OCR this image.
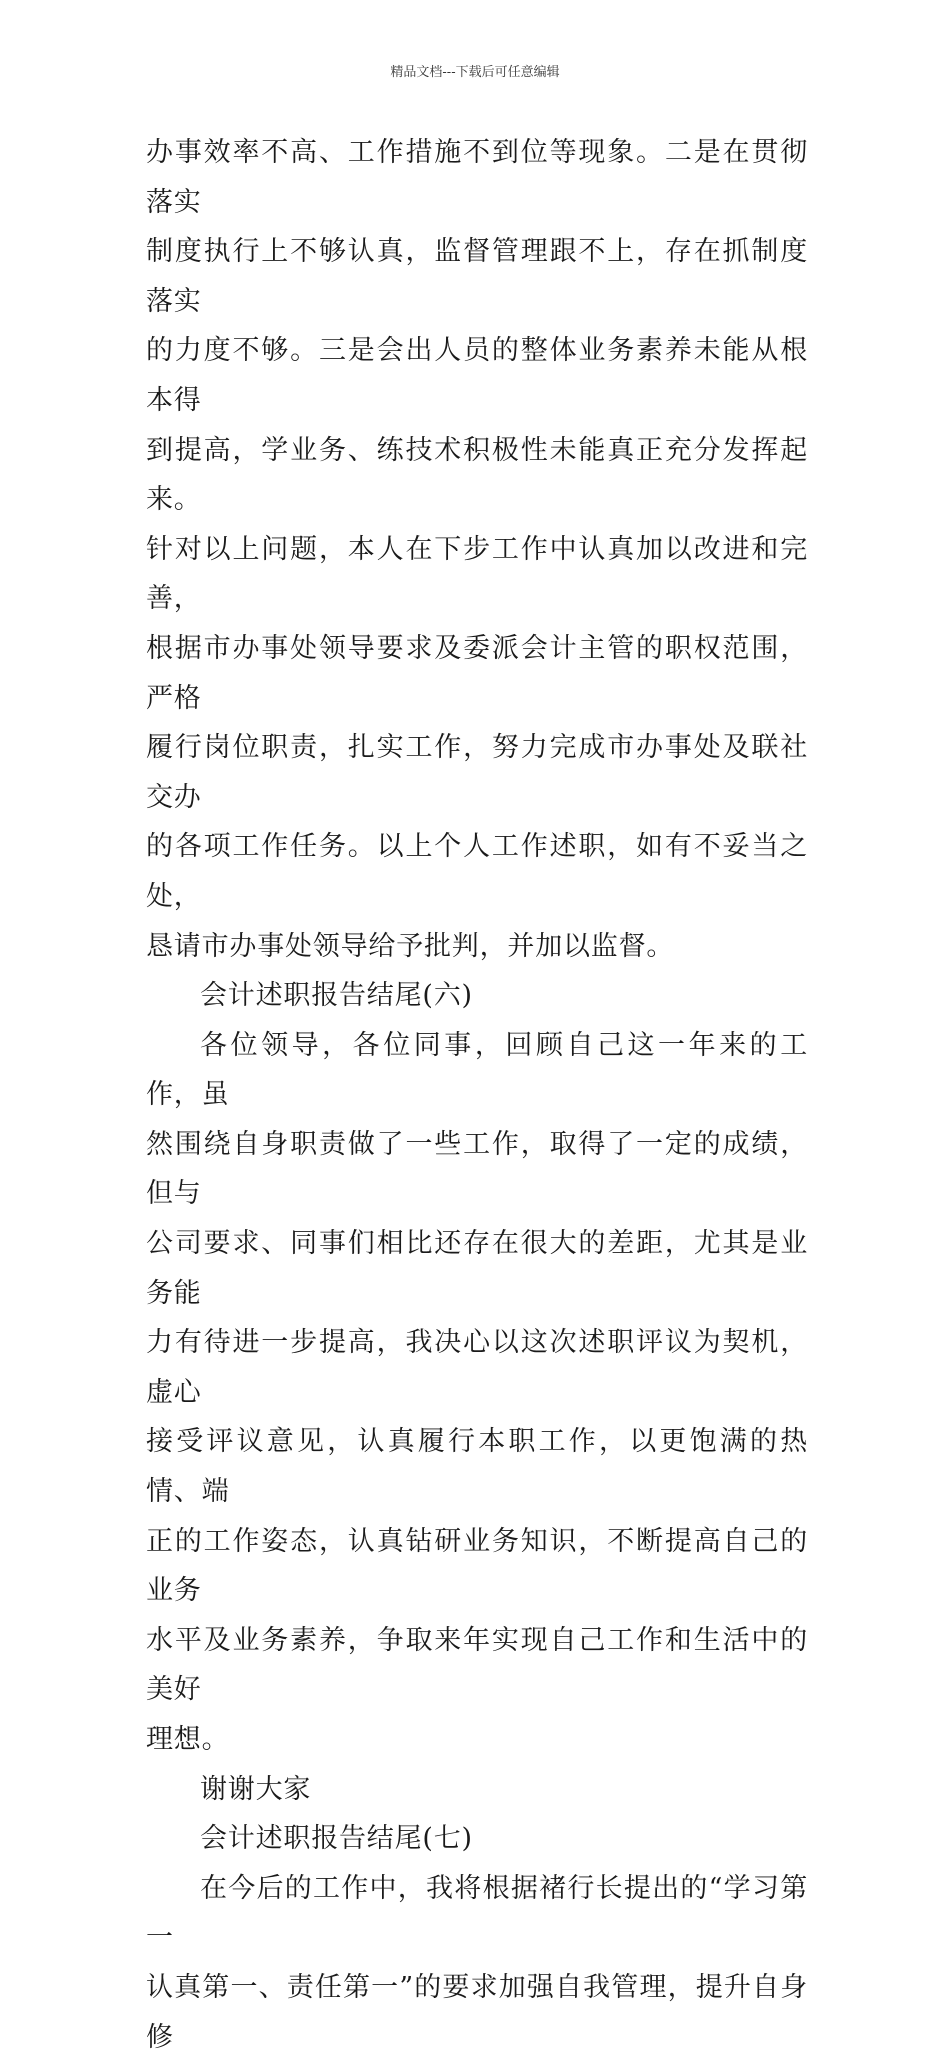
精品文档---下载后可任意编辑

办事效率不高、工作措施不到位等现象。二是在贯彻落实
制度执行上不够认真，监督管理跟不上，存在抓制度落实
的力度不够。三是会出人员的整体业务素养未能从根本得
到提高，学业务、练技术积极性未能真正充分发挥起来。
针对以上问题，本人在下步工作中认真加以改进和完善，
根据市办事处领导要求及委派会计主管的职权范围，严格
履行岗位职责，扎实工作，努力完成市办事处及联社交办
的各项工作任务。以上个人工作述职，如有不妥当之处，
恳请市办事处领导给予批判，并加以监督。

会计述职报告结尾(六)

各位领导，各位同事，回顾自己这一年来的工作，虽
然围绕自身职责做了一些工作，取得了一定的成绩，但与
公司要求、同事们相比还存在很大的差距，尤其是业务能
力有待进一步提高，我决心以这次述职评议为契机，虚心
接受评议意见，认真履行本职工作，以更饱满的热情、端
正的工作姿态，认真钻研业务知识，不断提高自己的业务
水平及业务素养，争取来年实现自己工作和生活中的美好
理想。

谢谢大家

会计述职报告结尾(七)

在今后的工作中，我将根据褚行长提出的“学习第一
认真第一、责任第一”的要求加强自我管理，提升自身修
